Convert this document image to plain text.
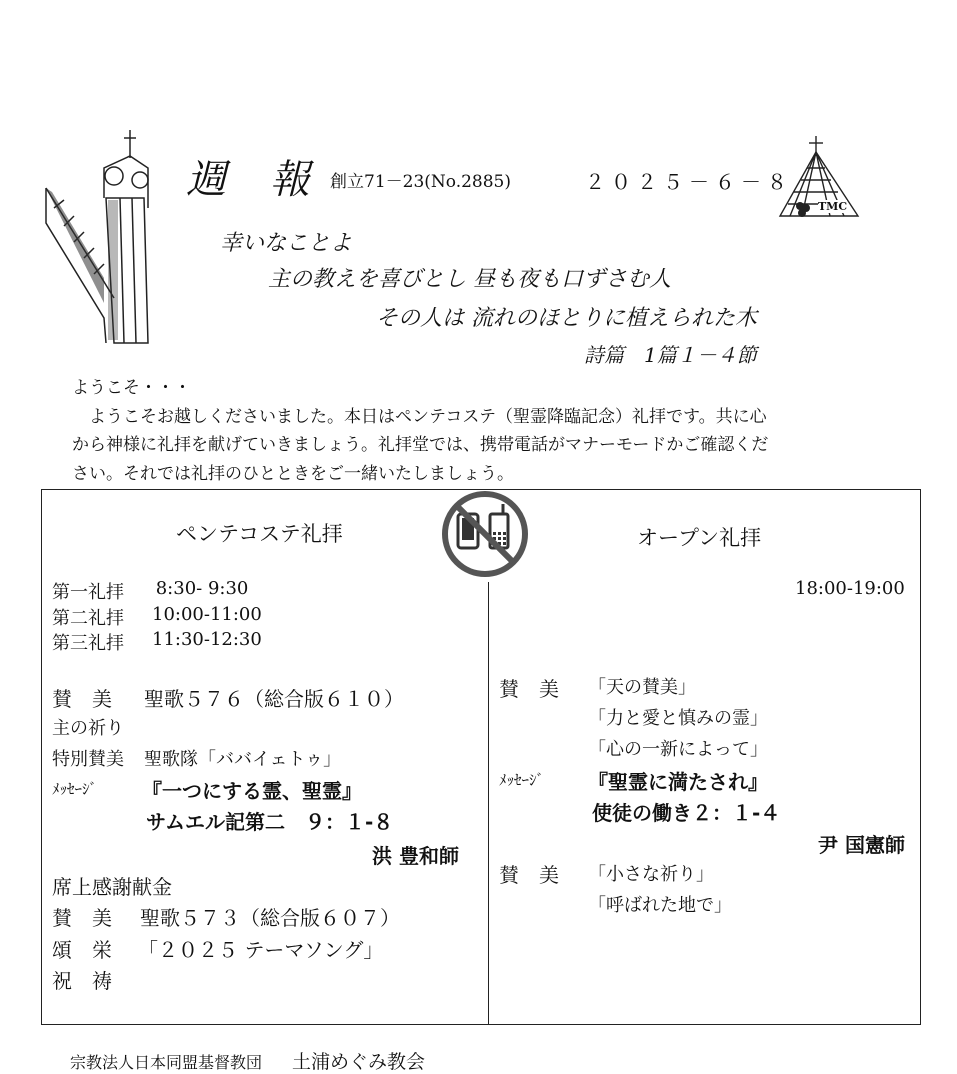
週　報 創立71－23(No.2885)	２０２５－６－８
TMC
幸いなことよ
主の教えを喜びとし 昼も夜も口ずさむ人
その人は 流れのほとりに植えられた木
詩篇　1篇１－４節
ようこそ・・・
　ようこそお越しくださいました。本日はペンテコステ（聖霊降臨記念）礼拝です。共に心
から神様に礼拝を献げていきましょう。礼拝堂では、携帯電話がマナーモードかご確認くだ
さい。それでは礼拝のひとときをご一緒いたしましょう。
ペンテコステ礼拝
第一礼拝 8:30- 9:30
第二礼拝 10:00-11:00
第三礼拝 11:30-12:30
賛　美 聖歌５７６（総合版６１０）
主の祈り
特別賛美 聖歌隊「ババイェトゥ」
ﾒｯｾｰｼﾞ 『一つにする霊、聖霊』
サムエル記第二　９：１-８
洪 豊和師
席上感謝献金
賛　美 聖歌５７３（総合版６０７）
頌　栄 「２０２５ テーマソング」
祝　祷
オープン礼拝
18:00-19:00
賛　美 「天の賛美」
「力と愛と慎みの霊」
「心の一新によって」
ﾒｯｾｰｼﾞ 『聖霊に満たされ』
使徒の働き２：１-４
尹 国憲師
賛　美 「小さな祈り」
「呼ばれた地で」
宗教法人日本同盟基督教団 土浦めぐみ教会
